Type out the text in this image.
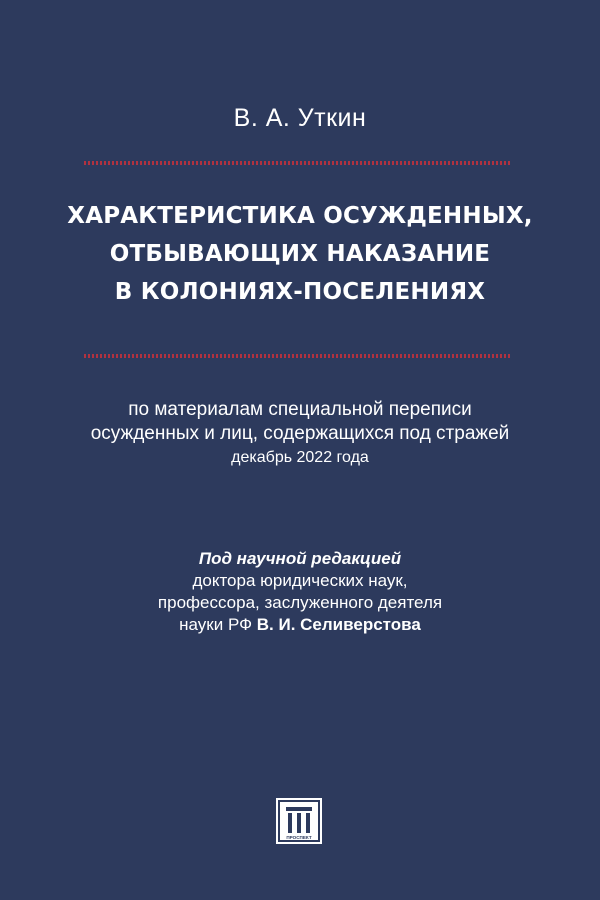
В. А. Уткин
ХАРАКТЕРИСТИКА ОСУЖДЕННЫХ,
ОТБЫВАЮЩИХ НАКАЗАНИЕ
В КОЛОНИЯХ-ПОСЕЛЕНИЯХ
по материалам специальной переписи
осужденных и лиц, содержащихся под стражей
декабрь 2022 года
Под научной редакцией
доктора юридических наук,
профессора, заслуженного деятеля
науки РФ В. И. Селиверстова
ПРОСПЕКТ
